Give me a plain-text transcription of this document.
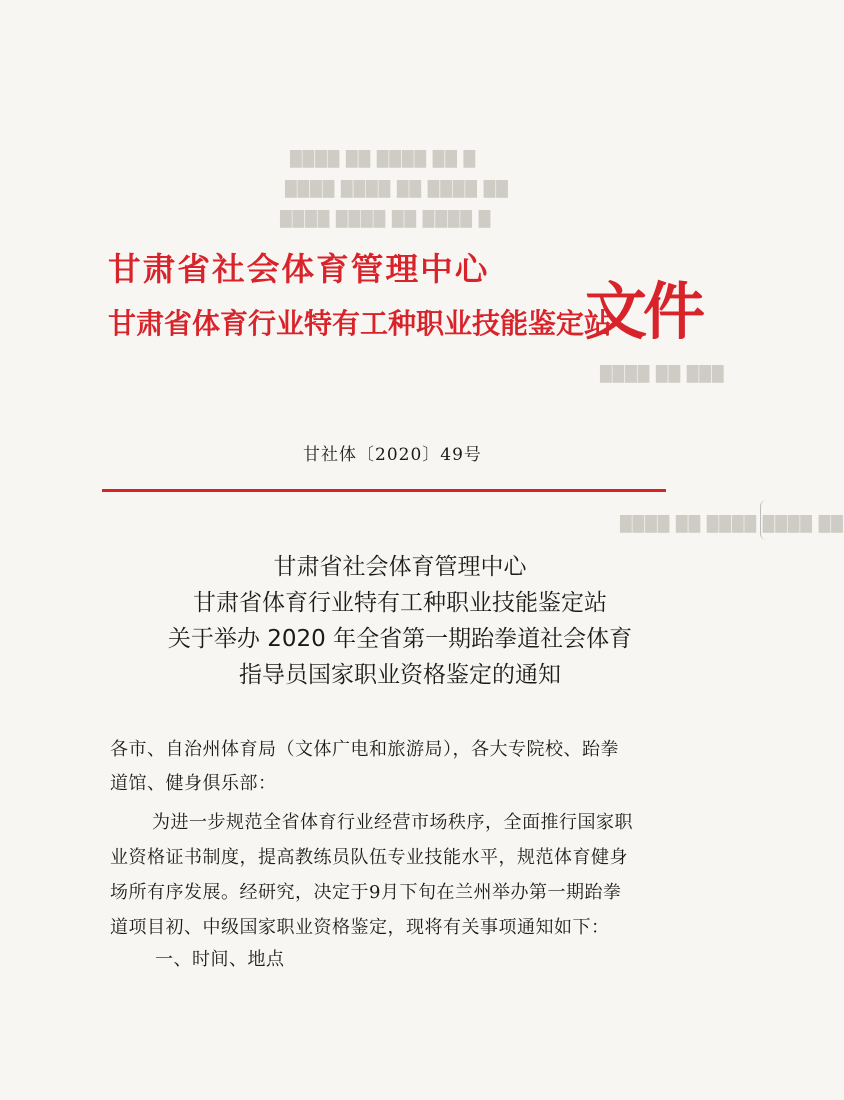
████ ██ ████ ██ █
████ ████ ██ ████ ██
████ ████ ██ ████ █
████ ██ ███
████ ██ ████ ████ ██
甘肃省社会体育管理中心
甘肃省体育行业特有工种职业技能鉴定站
文件
甘社体〔2020〕49号
甘肃省社会体育管理中心
甘肃省体育行业特有工种职业技能鉴定站
关于举办 2020 年全省第一期跆拳道社会体育
指导员国家职业资格鉴定的通知
各市、自治州体育局（文体广电和旅游局），各大专院校、跆拳
道馆、健身俱乐部：
为进一步规范全省体育行业经营市场秩序，全面推行国家职
业资格证书制度，提高教练员队伍专业技能水平，规范体育健身
场所有序发展。经研究，决定于9月下旬在兰州举办第一期跆拳
道项目初、中级国家职业资格鉴定，现将有关事项通知如下：
一、时间、地点
